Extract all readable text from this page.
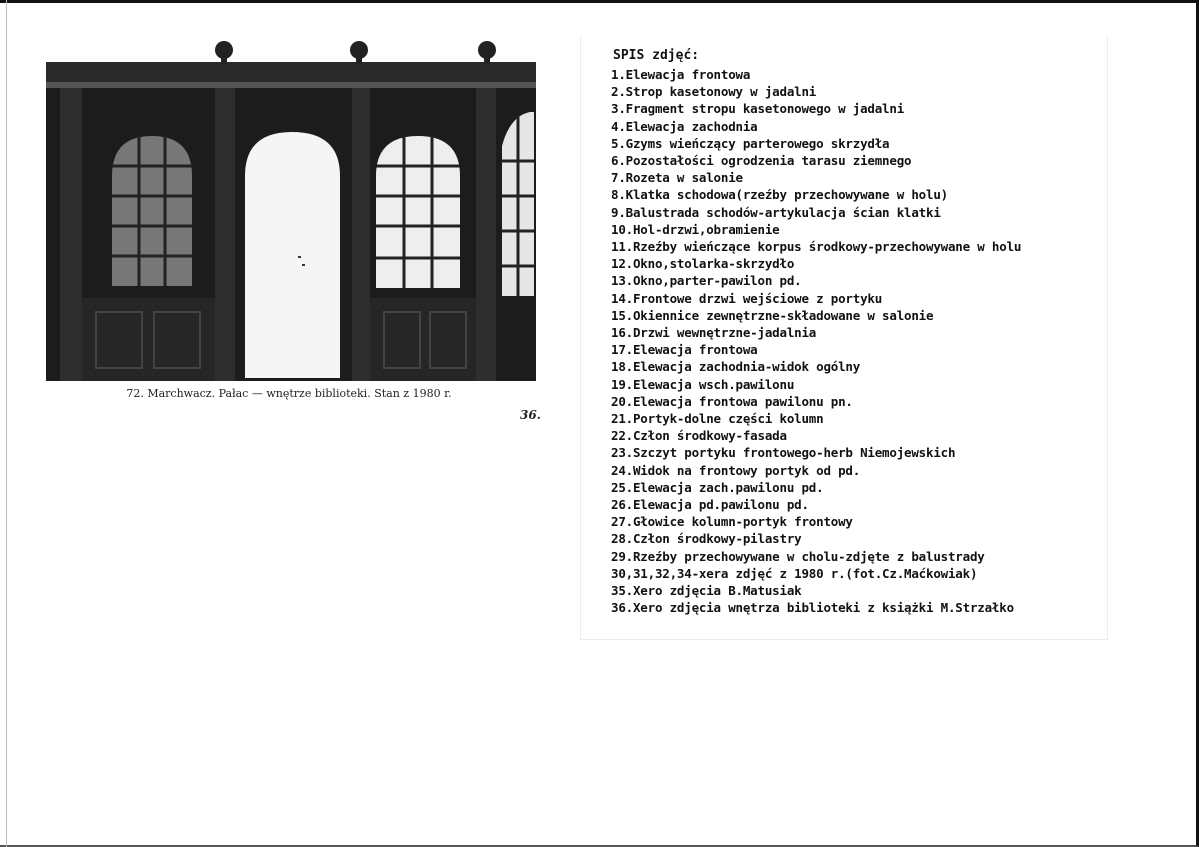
72. Marchwacz. Pałac — wnętrze biblioteki. Stan z 1980 r.
36.
SPIS zdjęć:
1.Elewacja frontowa
2.Strop kasetonowy w jadalni
3.Fragment stropu kasetonowego w jadalni
4.Elewacja zachodnia
5.Gzyms wieńczący parterowego skrzydła
6.Pozostałości ogrodzenia tarasu ziemnego
7.Rozeta w salonie
8.Klatka schodowa(rzeźby przechowywane w holu)
9.Balustrada schodów-artykulacja ścian klatki
10.Hol-drzwi,obramienie
11.Rzeźby wieńczące korpus środkowy-przechowywane w holu
12.Okno,stolarka-skrzydło
13.Okno,parter-pawilon pd.
14.Frontowe drzwi wejściowe z portyku
15.Okiennice zewnętrzne-składowane w salonie
16.Drzwi wewnętrzne-jadalnia
17.Elewacja frontowa
18.Elewacja zachodnia-widok ogólny
19.Elewacja wsch.pawilonu
20.Elewacja frontowa pawilonu pn.
21.Portyk-dolne części kolumn
22.Człon środkowy-fasada
23.Szczyt portyku frontowego-herb Niemojewskich
24.Widok na frontowy portyk od pd.
25.Elewacja zach.pawilonu pd.
26.Elewacja pd.pawilonu pd.
27.Głowice kolumn-portyk frontowy
28.Człon środkowy-pilastry
29.Rzeźby przechowywane w cholu-zdjęte z balustrady
30,31,32,34-xera zdjęć z 1980 r.(fot.Cz.Maćkowiak)
35.Xero zdjęcia B.Matusiak
36.Xero zdjęcia wnętrza biblioteki z książki M.Strzałko
